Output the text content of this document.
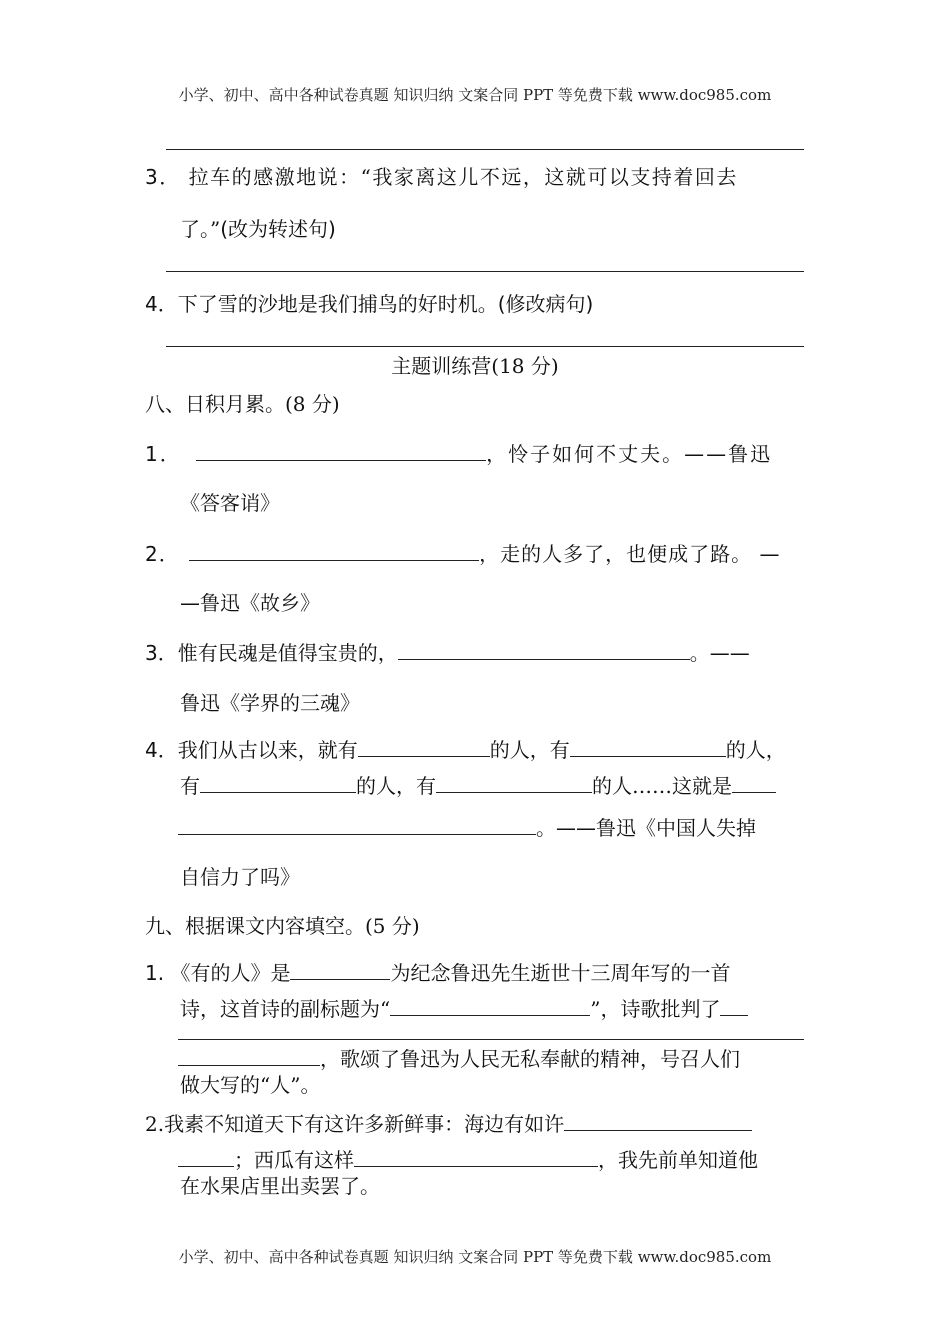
小学、初中、高中各种试卷真题 知识归纳 文案合同 PPT 等免费下载 www.doc985.com
3． 拉车的感激地说：“我家离这儿不远，这就可以支持着回去
了。”(改为转述句)
4．下了雪的沙地是我们捕鸟的好时机。(修改病句)
主题训练营(18 分)
八、日积月累。(8 分)
1．	，怜子如何不丈夫。——鲁迅
《答客诮》
2．	，走的人多了，也便成了路。 —
—鲁迅《故乡》
3．惟有民魂是值得宝贵的，	。——
鲁迅《学界的三魂》
4．我们从古以来，就有	的人，有	的人，
有	的人，有	的人……这就是
。——鲁迅《中国人失掉
自信力了吗》
九、根据课文内容填空。(5 分)
1. 《有的人》是	为纪念鲁迅先生逝世十三周年写的一首
诗，这首诗的副标题为“	”，诗歌批判了
，歌颂了鲁迅为人民无私奉献的精神，号召人们
做大写的“人”。
2.我素不知道天下有这许多新鲜事：海边有如许
；西瓜有这样	，我先前单知道他
在水果店里出卖罢了。
小学、初中、高中各种试卷真题 知识归纳 文案合同 PPT 等免费下载 www.doc985.com
